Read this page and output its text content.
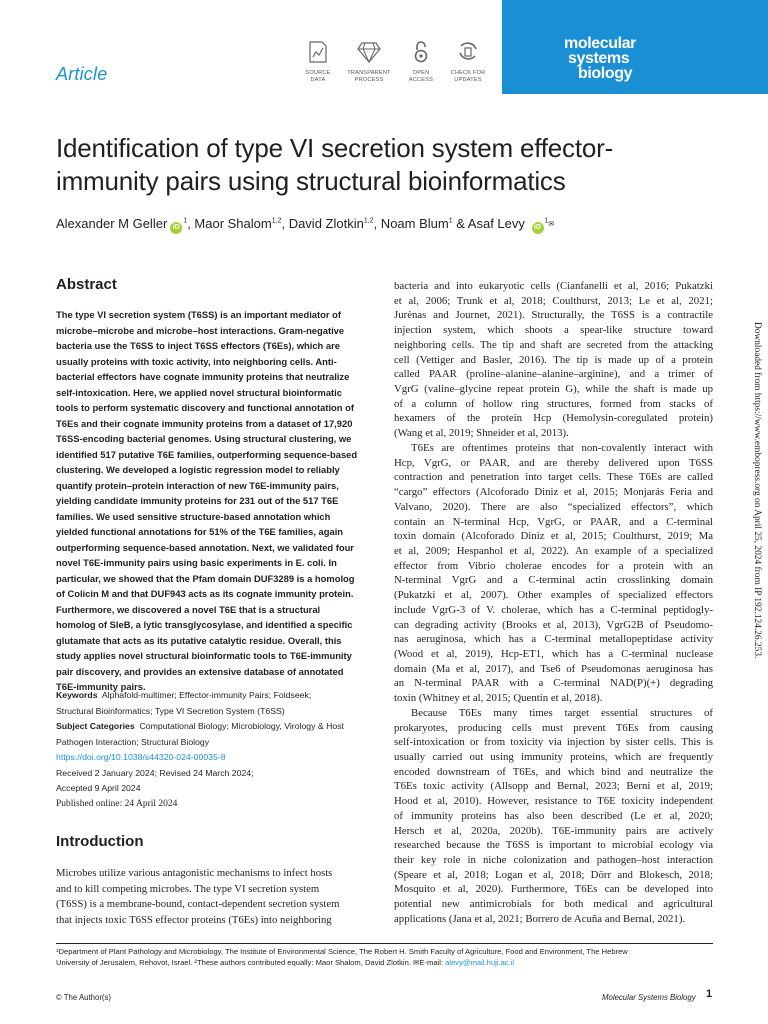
Article	SOURCE
DATA
TRANSPARENT
PROCESS
OPEN
ACCESS
CHECK FOR
UPDATES
molecular
systems
biology
Identification of type VI secretion system effector-
immunity pairs using structural bioinformatics
Alexander M Geller $iD^1$, Maor Shalom$^{1,2}$, David Zlotkin$^{1,2}$, Noam Blum$^1$ & Asaf Levy $iD^1✉$
Abstract
The type VI secretion system (T6SS) is an important mediator of
microbe–microbe and microbe–host interactions. Gram-negative
bacteria use the T6SS to inject T6SS effectors (T6Es), which are
usually proteins with toxic activity, into neighboring cells. Anti-
bacterial effectors have cognate immunity proteins that neutralize
self-intoxication. Here, we applied novel structural bioinformatic
tools to perform systematic discovery and functional annotation of
T6Es and their cognate immunity proteins from a dataset of 17,920
T6SS-encoding bacterial genomes. Using structural clustering, we
identified 517 putative T6E families, outperforming sequence-based
clustering. We developed a logistic regression model to reliably
quantify protein–protein interaction of new T6E-immunity pairs,
yielding candidate immunity proteins for 231 out of the 517 T6E
families. We used sensitive structure-based annotation which
yielded functional annotations for 51% of the T6E families, again
outperforming sequence-based annotation. Next, we validated four
novel T6E-immunity pairs using basic experiments in E. coli. In
particular, we showed that the Pfam domain DUF3289 is a homolog
of Colicin M and that DUF943 acts as its cognate immunity protein.
Furthermore, we discovered a novel T6E that is a structural
homolog of SleB, a lytic transglycosylase, and identified a specific
glutamate that acts as its putative catalytic residue. Overall, this
study applies novel structural bioinformatic tools to T6E-immunity
pair discovery, and provides an extensive database of annotated
T6E-immunity pairs.
Keywords Alphafold-multimer; Effector-immunity Pairs; Foldseek;
Structural Bioinformatics; Type VI Secretion System (T6SS)
Subject Categories Computational Biology; Microbiology, Virology & Host
Pathogen Interaction; Structural Biology
https://doi.org/10.1038/s44320-024-00035-8
Received 2 January 2024; Revised 24 March 2024;
Accepted 9 April 2024
Published online: 24 April 2024
Introduction
Microbes utilize various antagonistic mechanisms to infect hosts
and to kill competing microbes. The type VI secretion system
(T6SS) is a membrane-bound, contact-dependent secretion system
that injects toxic T6SS effector proteins (T6Es) into neighboring
bacteria and into eukaryotic cells (Cianfanelli et al, 2016; Pukatzki
et al, 2006; Trunk et al, 2018; Coulthurst, 2013; Le et al, 2021;
Jurėnas and Journet, 2021). Structurally, the T6SS is a contractile
injection system, which shoots a spear-like structure toward
neighboring cells. The tip and shaft are secreted from the attacking
cell (Vettiger and Basler, 2016). The tip is made up of a protein
called PAAR (proline–alanine–alanine–arginine), and a trimer of
VgrG (valine–glycine repeat protein G), while the shaft is made up
of a column of hollow ring structures, formed from stacks of
hexamers of the protein Hcp (Hemolysin-coregulated protein)
(Wang et al, 2019; Shneider et al, 2013).
T6Es are oftentimes proteins that non-covalently interact with
Hcp, VgrG, or PAAR, and are thereby delivered upon T6SS
contraction and penetration into target cells. These T6Es are called
“cargo” effectors (Alcoforado Diniz et al, 2015; Monjarás Feria and
Valvano, 2020). There are also “specialized effectors”, which
contain an N-terminal Hcp, VgrG, or PAAR, and a C-terminal
toxin domain (Alcoforado Diniz et al, 2015; Coulthurst, 2019; Ma
et al, 2009; Hespanhol et al, 2022). An example of a specialized
effector from Vibrio cholerae encodes for a protein with an
N-terminal VgrG and a C-terminal actin crosslinking domain
(Pukatzki et al, 2007). Other examples of specialized effectors
include VgrG-3 of V. cholerae, which has a C-terminal peptidogly-
can degrading activity (Brooks et al, 2013), VgrG2B of Pseudomo-
nas aeruginosa, which has a C-terminal metallopeptidase activity
(Wood et al, 2019), Hcp-ET1, which has a C-terminal nuclease
domain (Ma et al, 2017), and Tse6 of Pseudomonas aeruginosa has
an N-terminal PAAR with a C-terminal NAD(P)(+) degrading
toxin (Whitney et al, 2015; Quentin et al, 2018).
Because T6Es many times target essential structures of
prokaryotes, producing cells must prevent T6Es from causing
self-intoxication or from toxicity via injection by sister cells. This is
usually carried out using immunity proteins, which are frequently
encoded downstream of T6Es, and which bind and neutralize the
T6Es toxic activity (Allsopp and Bernal, 2023; Berni et al, 2019;
Hood et al, 2010). However, resistance to T6E toxicity independent
of immunity proteins has also been described (Le et al, 2020;
Hersch et al, 2020a, 2020b). T6E-immunity pairs are actively
researched because the T6SS is important to microbial ecology via
their key role in niche colonization and pathogen–host interaction
(Speare et al, 2018; Logan et al, 2018; Dörr and Blokesch, 2018;
Mosquito et al, 2020). Furthermore, T6Es can be developed into
potential new antimicrobials for both medical and agricultural
applications (Jana et al, 2021; Borrero de Acuña and Bernal, 2021).
Downloaded from https://www.embopress.org on April 25, 2024 from IP 192.124.26.253.
¹Department of Plant Pathology and Microbiology, The Institute of Environmental Science, The Robert H. Smith Faculty of Agriculture, Food and Environment, The Hebrew
University of Jerusalem, Rehovot, Israel. ²These authors contributed equally: Maor Shalom, David Zlotkin. ✉E-mail: alevy@mail.huji.ac.il
© The Author(s)	Molecular Systems Biology 1
